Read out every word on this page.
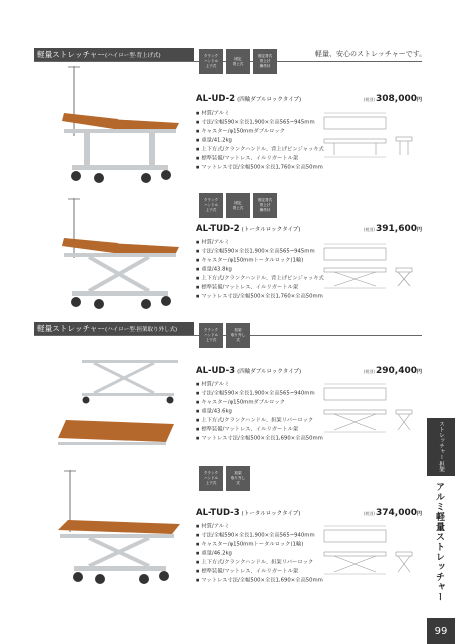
軽量ストレッチャー(ハイロー型·背上げ式)	軽量、安心のストレッチャーです。
クランク
ハンドル
上下式
固定
背上式
固定背式
背上げ
操作付
AL-UD-2 (四輪ダブルロックタイプ)	(税別)308,000円
■ 材質/アルミ
■ 寸法/全幅590×全長1,900×全高565~945mm
■ キャスター/φ150mmダブルロック
■ 重量/41.2kg
■ 上下方式/クランクハンドル、背上げピンジャッキ式
■ 標準装備/マットレス、イルリガートル架
■ マットレス寸法/全幅500×全長1,760×全高50mm
クランク
ハンドル
上下式
固定
背上式
固定背式
背上げ
操作付
AL-TUD-2 (トータルロックタイプ)	(税別)391,600円
■ 材質/アルミ
■ 寸法/全幅590×全長1,900×全高565~945mm
■ キャスター/φ150mmトータルロック(1輪)
■ 重量/43.8kg
■ 上下方式/クランクハンドル、背上げピンジャッキ式
■ 標準装備/マットレス、イルリガートル架
■ マットレス寸法/全幅500×全長1,760×全高50mm
軽量ストレッチャー(ハイロー型·担架取り外し式)	クランク
ハンドル
上下式
担架
取り外し
式
AL-UD-3 (四輪ダブルロックタイプ)	(税別)290,400円
■ 材質/アルミ
■ 寸法/全幅590×全長1,900×全高565~940mm
■ キャスター/φ150mmダブルロック
■ 重量/43.6kg
■ 上下方式/クランクハンドル、担架リバーロック
■ 標準装備/マットレス、イルリガートル架
■ マットレス寸法/全幅500×全長1,690×全高50mm
クランク
ハンドル
上下式
担架
取り外し
式
AL-TUD-3 (トータルロックタイプ)	(税別)374,000円
■ 材質/アルミ
■ 寸法/全幅590×全長1,900×全高565~940mm
■ キャスター/φ150mmトータルロック(1輪)
■ 重量/46.2kg
■ 上下方式/クランクハンドル、担架リバーロック
■ 標準装備/マットレス、イルリガートル架
■ マットレス寸法/全幅500×全長1,690×全高50mm
ストレッチャー 担架
アルミ軽量ストレッチャー
99
